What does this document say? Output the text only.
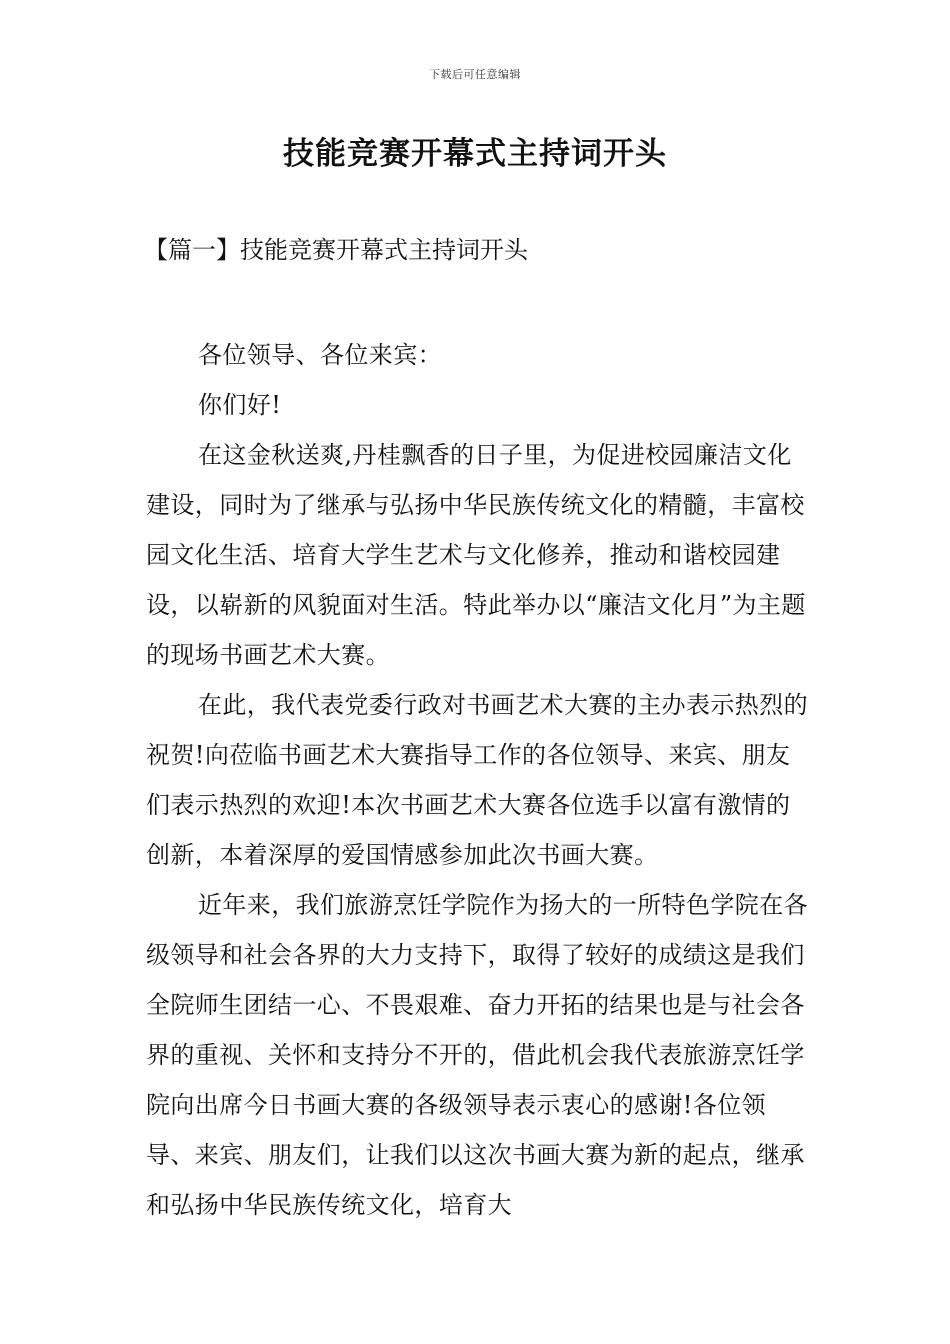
下载后可任意编辑
技能竞赛开幕式主持词开头
【篇一】技能竞赛开幕式主持词开头

各位领导、各位来宾：

你们好!

在这金秋送爽,丹桂飘香的日子里，为促进校园廉洁文化建设，同时为了继承与弘扬中华民族传统文化的精髓，丰富校园文化生活、培育大学生艺术与文化修养，推动和谐校园建设，以崭新的风貌面对生活。特此举办以“廉洁文化月”为主题的现场书画艺术大赛。

在此，我代表党委行政对书画艺术大赛的主办表示热烈的祝贺!向莅临书画艺术大赛指导工作的各位领导、来宾、朋友们表示热烈的欢迎!本次书画艺术大赛各位选手以富有激情的创新，本着深厚的爱国情感参加此次书画大赛。

近年来，我们旅游烹饪学院作为扬大的一所特色学院在各级领导和社会各界的大力支持下，取得了较好的成绩这是我们全院师生团结一心、不畏艰难、奋力开拓的结果也是与社会各界的重视、关怀和支持分不开的，借此机会我代表旅游烹饪学院向出席今日书画大赛的各级领导表示衷心的感谢!各位领导、来宾、朋友们，让我们以这次书画大赛为新的起点，继承和弘扬中华民族传统文化，培育大
